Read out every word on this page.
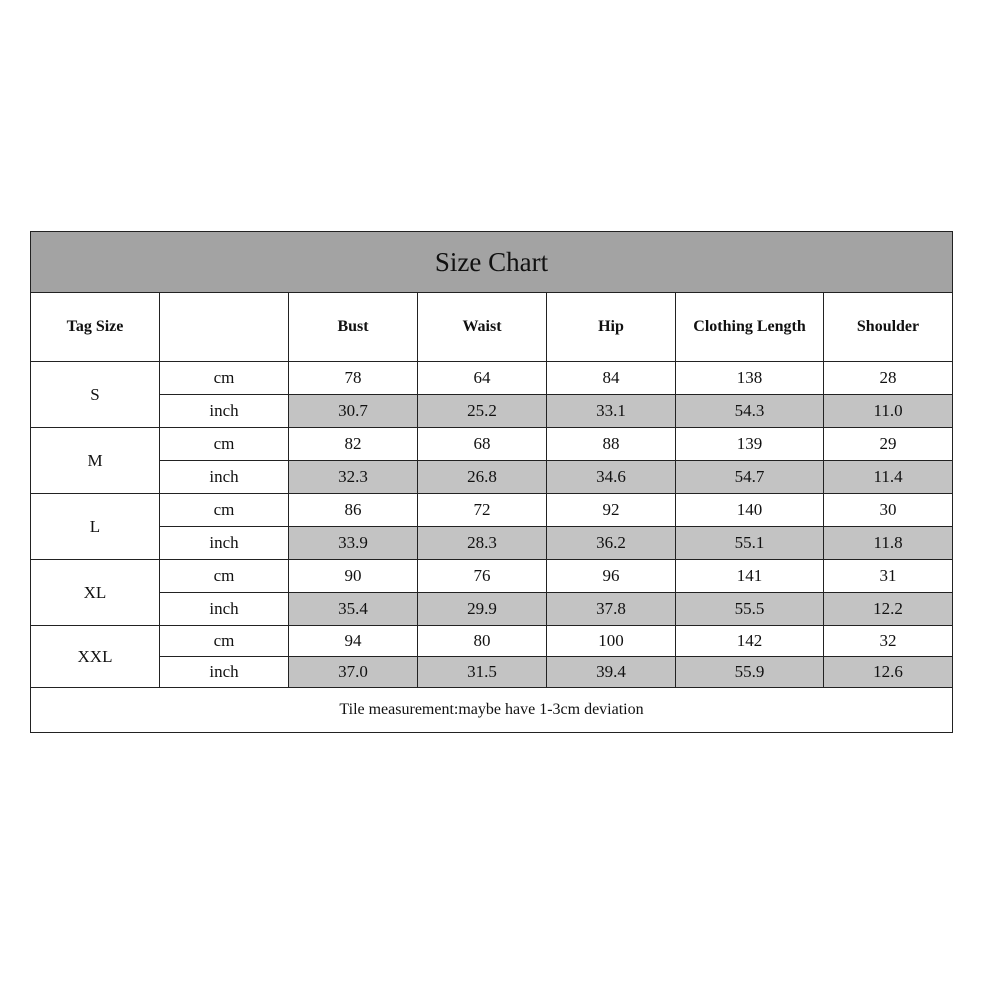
Size Chart						
Tag Size		Bust	Waist	Hip	Clothing Length	Shoulder
S	cm	78	64	84	138	28
	inch	30.7	25.2	33.1	54.3	11.0
M	cm	82	68	88	139	29
	inch	32.3	26.8	34.6	54.7	11.4
L	cm	86	72	92	140	30
	inch	33.9	28.3	36.2	55.1	11.8
XL	cm	90	76	96	141	31
	inch	35.4	29.9	37.8	55.5	12.2
XXL	cm	94	80	100	142	32
	inch	37.0	31.5	39.4	55.9	12.6
Tile measurement:maybe have 1-3cm deviation						
